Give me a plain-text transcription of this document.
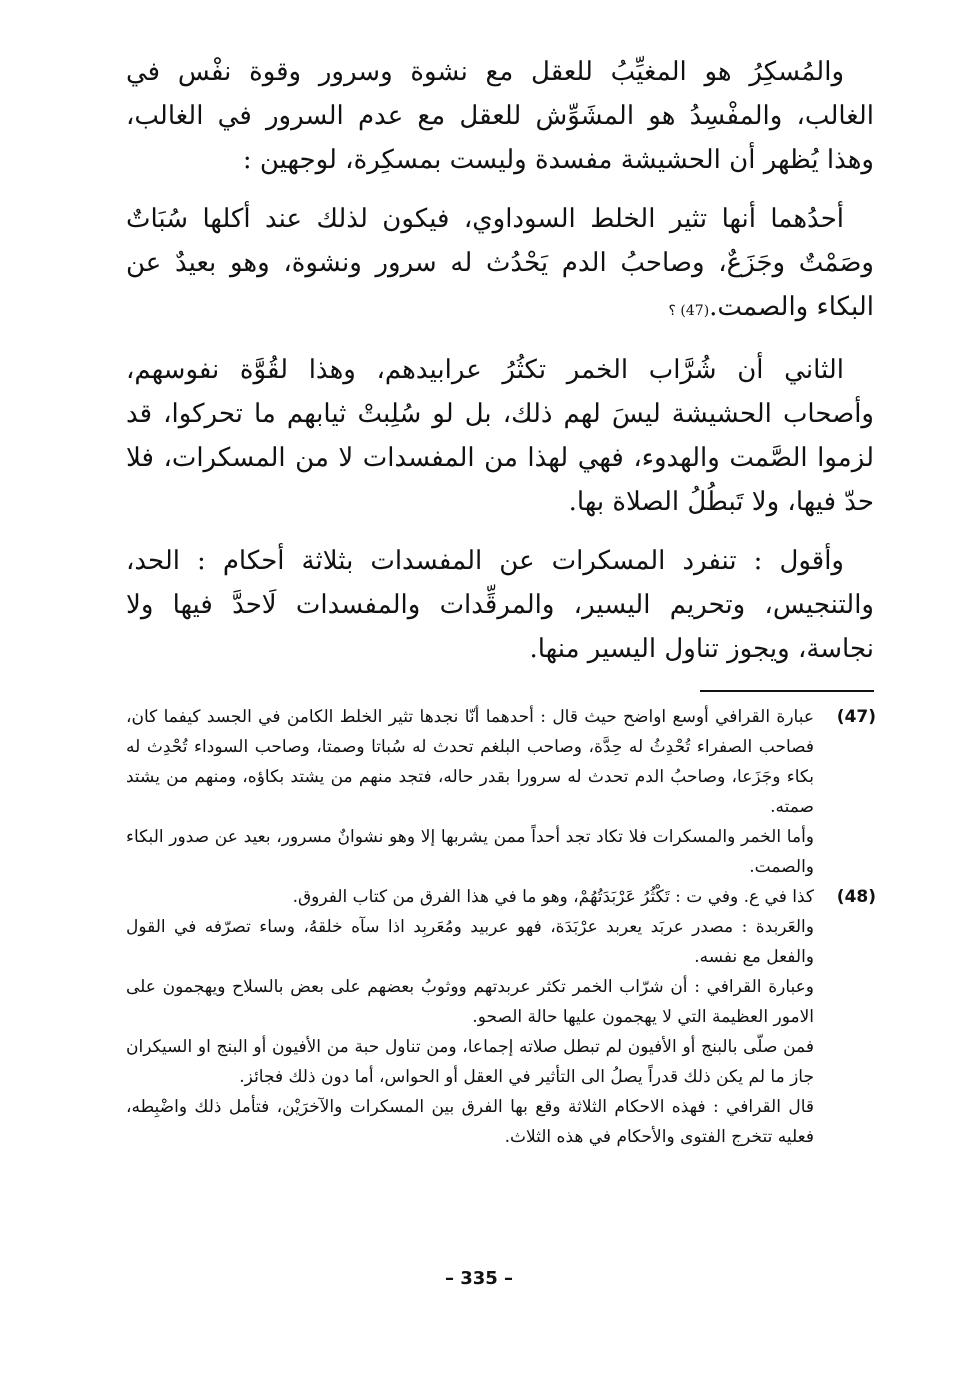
والمُسكِرُ هو المغيِّبُ للعقل مع نشوة وسرور وقوة نفْس في الغالب، والمفْسِدُ هو المشَوِّش للعقل مع عدم السرور في الغالب، وهذا يُظهر أن الحشيشة مفسدة وليست بمسكِرة، لوجهين :

أحدُهما أنها تثير الخلط السوداوي، فيكون لذلك عند أكلها سُبَاتٌ وصَمْتٌ وجَزَعٌ، وصاحبُ الدم يَحْدُث له سرور ونشوة، وهو بعيدٌ عن البكاء والصمت.(47) ؟

الثاني أن شُرَّاب الخمر تكثُرُ عرابيدهم، وهذا لقُوَّة نفوسهم، وأصحاب الحشيشة ليسَ لهم ذلك، بل لو سُلِبتْ ثيابهم ما تحركوا، قد لزموا الصَّمت والهدوء، فهي لهذا من المفسدات لا من المسكرات، فلا حدّ فيها، ولا تَبطُلُ الصلاة بها.

وأقول : تنفرد المسكرات عن المفسدات بثلاثة أحكام : الحد، والتنجيس، وتحريم اليسير، والمرقِّدات والمفسدات لَاحدَّ فيها ولا نجاسة، ويجوز تناول اليسير منها.

(47)

عبارة القرافي أوسع اواضح حيث قال : أحدهما أنّا نجدها تثير الخلط الكامن في الجسد كيفما كان، فصاحب الصفراء تُحْدِثُ له حِدَّة، وصاحب البلغم تحدث له سُباتا وصمتا، وصاحب السوداء تُحْدِث له بكاء وجَزَعا، وصاحبُ الدم تحدث له سرورا بقدر حاله، فتجد منهم من يشتد بكاؤه، ومنهم من يشتد صمته.

وأما الخمر والمسكرات فلا تكاد تجد أحداً ممن يشربها إلا وهو نشوانٌ مسرور، بعيد عن صدور البكاء والصمت.

(48)

كذا في ع. وفي ت : تَكْثُرُ عَرْبَدَتُهُمْ، وهو ما في هذا الفرق من كتاب الفروق.

والعَربدة : مصدر عربَد يعربد عرْبَدَة، فهو عربيد ومُعَربِد اذا سآه خلقهُ، وساء تصرّفه في القول والفعل مع نفسه.

وعبارة القرافي : أن شرّاب الخمر تكثر عربدتهم ووثوبُ بعضهم على بعض بالسلاح ويهجمون على الامور العظيمة التي لا يهجمون عليها حالة الصحو.

فمن صلّى بالبنج أو الأفيون لم تبطل صلاته إجماعا، ومن تناول حبة من الأفيون أو البنج او السيكران جاز ما لم يكن ذلك قدراً يصلُ الى التأثير في العقل أو الحواس، أما دون ذلك فجائز.

قال القرافي : فهذه الاحكام الثلاثة وقع بها الفرق بين المسكرات والآخرَيْن، فتأمل ذلك واضْبِطه، فعليه تتخرج الفتوى والأحكام في هذه الثلاث.

– 335 –
